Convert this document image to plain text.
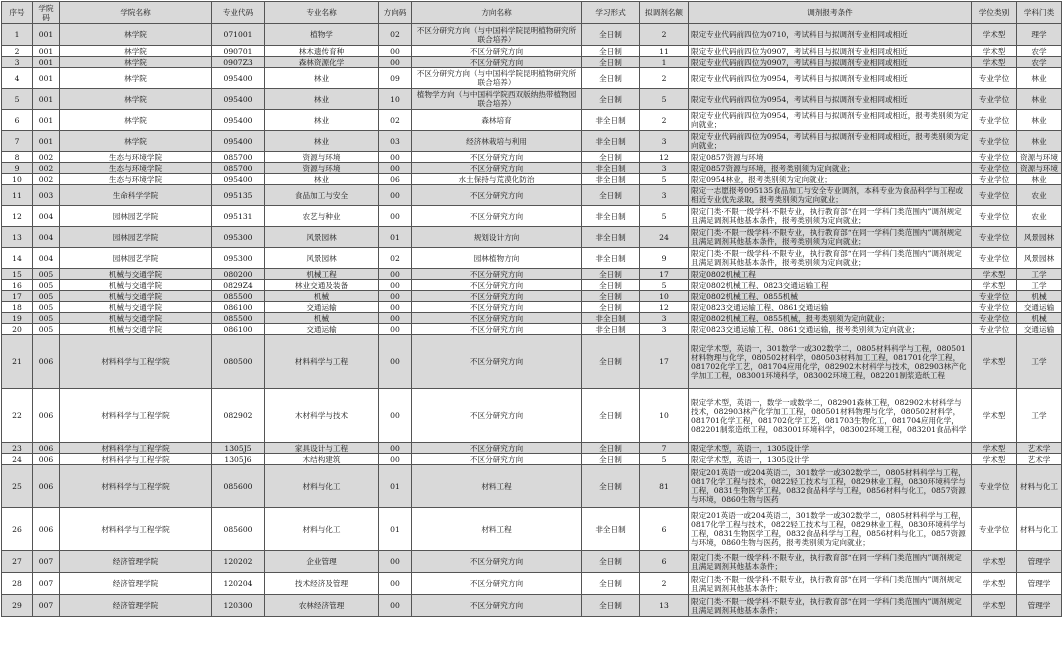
序号	学院码	学院名称	专业代码	专业名称	方向码	方向名称	学习形式	拟调剂名额	调剂报考条件	学位类别	学科门类
1	001	林学院	071001	植物学	02	不区分研究方向（与中国科学院昆明植物研究所联合培养）	全日制	2	限定专业代码前四位为0710，考试科目与拟调剂专业相同或相近	学术型	理学
2	001	林学院	090701	林木遗传育种	00	不区分研究方向	全日制	11	限定专业代码前四位为0907，考试科目与拟调剂专业相同或相近	学术型	农学
3	001	林学院	0907Z3	森林资源化学	00	不区分研究方向	全日制	1	限定专业代码前四位为0907，考试科目与拟调剂专业相同或相近	学术型	农学
4	001	林学院	095400	林业	09	不区分研究方向（与中国科学院昆明植物研究所联合培养）	全日制	2	限定专业代码前四位为0954，考试科目与拟调剂专业相同或相近	专业学位	林业
5	001	林学院	095400	林业	10	植物学方向（与中国科学院西双版纳热带植物园联合培养）	全日制	5	限定专业代码前四位为0954，考试科目与拟调剂专业相同或相近	专业学位	林业
6	001	林学院	095400	林业	02	森林培育	非全日制	2	限定专业代码前四位为0954，考试科目与拟调剂专业相同或相近，报考类别须为定向就业；	专业学位	林业
7	001	林学院	095400	林业	03	经济林栽培与利用	非全日制	3	限定专业代码前四位为0954，考试科目与拟调剂专业相同或相近，报考类别须为定向就业；	专业学位	林业
8	002	生态与环境学院	085700	资源与环境	00	不区分研究方向	全日制	12	限定0857资源与环境	专业学位	资源与环境
9	002	生态与环境学院	085700	资源与环境	00	不区分研究方向	非全日制	3	限定0857资源与环境，报考类别须为定向就业；	专业学位	资源与环境
10	002	生态与环境学院	095400	林业	06	水土保持与荒漠化防治	非全日制	5	限定0954林业，报考类别须为定向就业；	专业学位	林业
11	003	生命科学学院	095135	食品加工与安全	00	不区分研究方向	全日制	3	限定一志愿报考095135食品加工与安全专业调剂，本科专业为食品科学与工程或相近专业优先录取，报考类别须为定向就业；	专业学位	农业
12	004	园林园艺学院	095131	农艺与种业	00	不区分研究方向	非全日制	5	限定门类·不限一级学科·不限专业，执行教育部“在同一学科门类范围内”调剂规定且满足调剂其他基本条件，报考类别须为定向就业；	专业学位	农业
13	004	园林园艺学院	095300	风景园林	01	规划设计方向	非全日制	24	限定门类·不限一级学科·不限专业，执行教育部“在同一学科门类范围内”调剂规定且满足调剂其他基本条件，报考类别须为定向就业；	专业学位	风景园林
14	004	园林园艺学院	095300	风景园林	02	园林植物方向	非全日制	9	限定门类·不限一级学科·不限专业，执行教育部“在同一学科门类范围内”调剂规定且满足调剂其他基本条件，报考类别须为定向就业；	专业学位	风景园林
15	005	机械与交通学院	080200	机械工程	00	不区分研究方向	全日制	17	限定0802机械工程	学术型	工学
16	005	机械与交通学院	0829Z4	林业交通及装备	00	不区分研究方向	全日制	5	限定0802机械工程、0823交通运输工程	学术型	工学
17	005	机械与交通学院	085500	机械	00	不区分研究方向	全日制	10	限定0802机械工程、0855机械	专业学位	机械
18	005	机械与交通学院	086100	交通运输	00	不区分研究方向	全日制	12	限定0823交通运输工程、0861交通运输	专业学位	交通运输
19	005	机械与交通学院	085500	机械	00	不区分研究方向	非全日制	3	限定0802机械工程、0855机械，报考类别须为定向就业；	专业学位	机械
20	005	机械与交通学院	086100	交通运输	00	不区分研究方向	非全日制	3	限定0823交通运输工程、0861交通运输，报考类别须为定向就业；	专业学位	交通运输
21	006	材料科学与工程学院	080500	材料科学与工程	00	不区分研究方向	全日制	17	限定学术型，英语一，301数学一或302数学二，0805材料科学与工程，080501材料物理与化学，080502材料学，080503材料加工工程，081701化学工程，081702化学工艺，081704应用化学，082902木材科学与技术，082903林产化学加工工程，083001环境科学，083002环境工程，082201制浆造纸工程	学术型	工学
22	006	材料科学与工程学院	082902	木材科学与技术	00	不区分研究方向	全日制	10	限定学术型，英语一，数学一或数学二，082901森林工程，082902木材科学与技术，082903林产化学加工工程，080501材料物理与化学，080502材料学，081701化学工程，081702化学工艺，081703生物化工，081704应用化学，082201制浆造纸工程，083001环境科学，083002环境工程，083201食品科学	学术型	工学
23	006	材料科学与工程学院	1305J5	家具设计与工程	00	不区分研究方向	全日制	7	限定学术型，英语一，1305设计学	学术型	艺术学
24	006	材料科学与工程学院	1305J6	木结构建筑	00	不区分研究方向	全日制	5	限定学术型，英语一，1305设计学	学术型	艺术学
25	006	材料科学与工程学院	085600	材料与化工	01	材料工程	全日制	81	限定201英语一或204英语二，301数学一或302数学二，0805材料科学与工程，0817化学工程与技术，0822轻工技术与工程，0829林业工程，0830环境科学与工程，0831生物医学工程，0832食品科学与工程，0856材料与化工，0857资源与环境，0860生物与医药	专业学位	材料与化工
26	006	材料科学与工程学院	085600	材料与化工	01	材料工程	非全日制	6	限定201英语一或204英语二，301数学一或302数学二，0805材料科学与工程，0817化学工程与技术，0822轻工技术与工程，0829林业工程，0830环境科学与工程，0831生物医学工程，0832食品科学与工程，0856材料与化工，0857资源与环境，0860生物与医药，报考类别须为定向就业；	专业学位	材料与化工
27	007	经济管理学院	120202	企业管理	00	不区分研究方向	全日制	6	限定门类·不限一级学科·不限专业，执行教育部“在同一学科门类范围内”调剂规定且满足调剂其他基本条件；	学术型	管理学
28	007	经济管理学院	120204	技术经济及管理	00	不区分研究方向	全日制	2	限定门类·不限一级学科·不限专业，执行教育部“在同一学科门类范围内”调剂规定且满足调剂其他基本条件；	学术型	管理学
29	007	经济管理学院	120300	农林经济管理	00	不区分研究方向	全日制	13	限定门类·不限一级学科·不限专业，执行教育部“在同一学科门类范围内”调剂规定且满足调剂其他基本条件；	学术型	管理学
